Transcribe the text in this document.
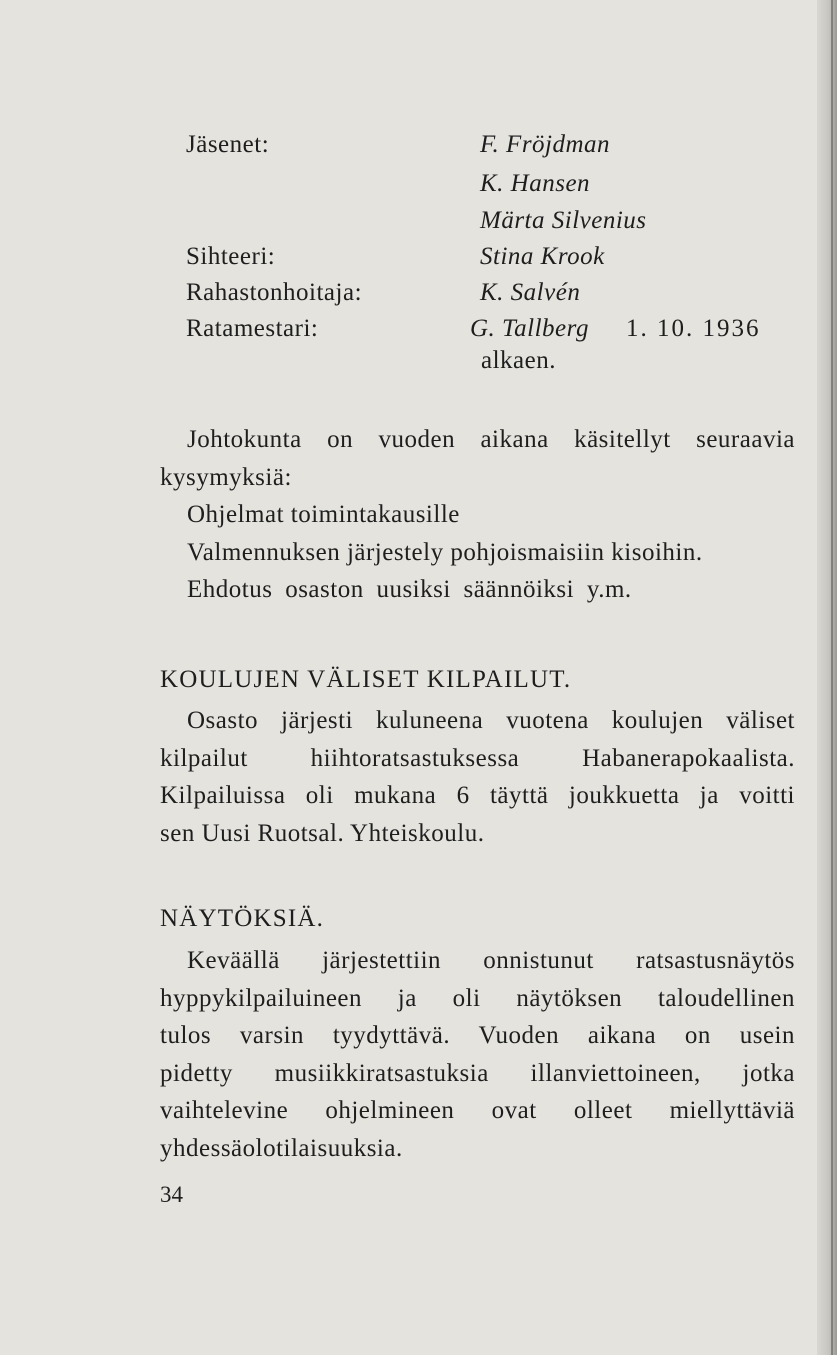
Jäsenet:	F. Fröjdman
K. Hansen
Märta Silvenius
Sihteeri:	Stina Krook
Rahastonhoitaja:	K. Salvén
Ratamestari:	G. Tallberg 1. 10. 1936
alkaen.
Johtokunta on vuoden aikana käsitellyt seuraavia
kysymyksiä:
Ohjelmat toimintakausille
Valmennuksen järjestely pohjoismaisiin kisoihin.
Ehdotus osaston uusiksi säännöiksi y.m.
KOULUJEN VÄLISET KILPAILUT.
Osasto järjesti kuluneena vuotena koulujen väliset
kilpailut hiihtoratsastuksessa Habanerapokaalista.
Kilpailuissa oli mukana 6 täyttä joukkuetta ja voitti
sen Uusi Ruotsal. Yhteiskoulu.
NÄYTÖKSIÄ.
Keväällä järjestettiin onnistunut ratsastusnäytös
hyppykilpailuineen ja oli näytöksen taloudellinen
tulos varsin tyydyttävä. Vuoden aikana on usein
pidetty musiikkiratsastuksia illanviettoineen, jotka
vaihtelevine ohjelmineen ovat olleet miellyttäviä
yhdessäolotilaisuuksia.
34
